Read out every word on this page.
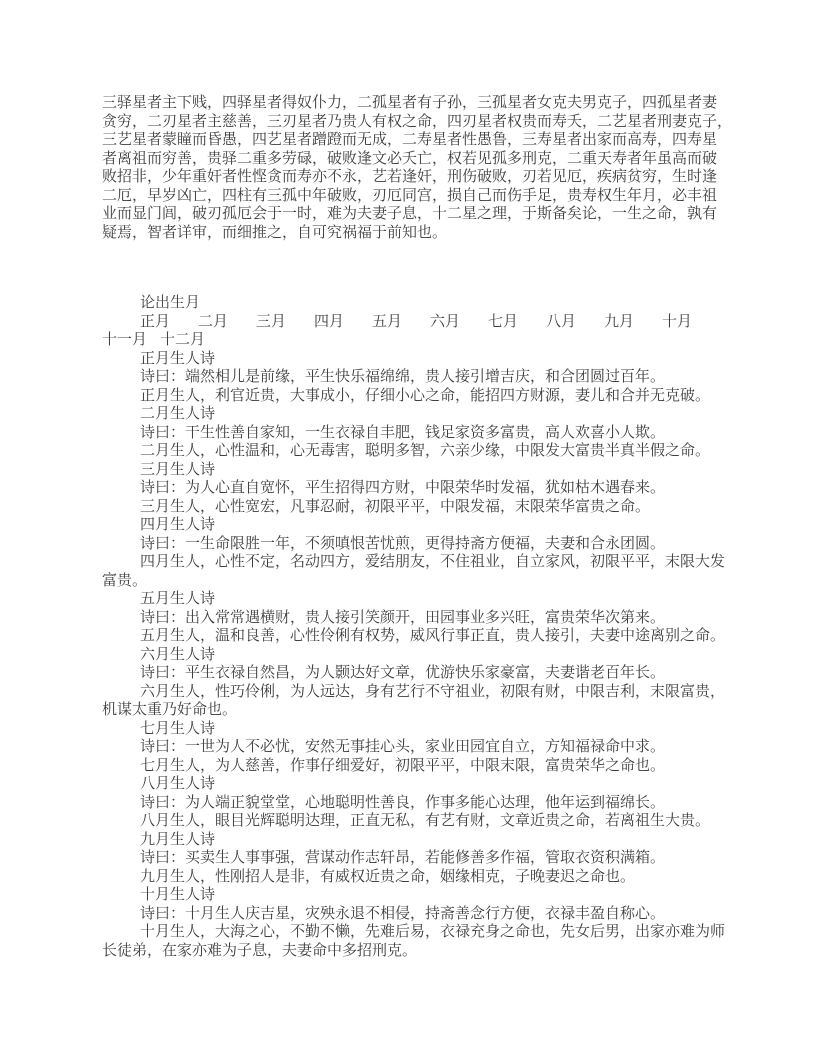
三驿星者主下贱，四驿星者得奴仆力，二孤星者有子孙，三孤星者女克夫男克子，四孤星者妻
贪穷，二刃星者主慈善，三刃星者乃贵人有权之命，四刃星者权贵而寿夭，二艺星者刑妻克子，
三艺星者蒙瞳而昏愚，四艺星者蹭蹬而无成，二寿星者性愚鲁，三寿星者出家而高寿，四寿星
者离祖而穷善，贵驿二重多劳碌，破败逢文必夭亡，权若见孤多刑克，二重天寿者年虽高而破
败招非，少年重奸者性悭贪而寿亦不永，艺若逢奸，刑伤破败，刃若见厄，疾病贫穷，生时逢
二厄，早岁凶亡，四柱有三孤中年破败，刃厄同宫，损自己而伤手足，贵寿权生年月，必丰祖
业而显门闾，破刃孤厄会于一时，难为夫妻子息，十二星之理，于斯备矣论，一生之命，孰有
疑焉，智者详审，而细推之，自可究祸福于前知也。
论出生月
正月 二月 三月 四月 五月 六月 七月 八月 九月 十月
十一月 十二月
正月生人诗
诗曰：端然相儿是前缘，平生快乐福绵绵，贵人接引增吉庆，和合团圆过百年。
正月生人，利官近贵，大事成小，仔细小心之命，能招四方财源，妻儿和合并无克破。
二月生人诗
诗曰：干生性善自家知，一生衣禄自丰肥，钱足家资多富贵，高人欢喜小人欺。
二月生人，心性温和，心无毒害，聪明多智，六亲少缘，中限发大富贵半真半假之命。
三月生人诗
诗曰：为人心直自宽怀，平生招得四方财，中限荣华时发福，犹如枯木遇春来。
三月生人，心性宽宏，凡事忍耐，初限平平，中限发福，末限荣华富贵之命。
四月生人诗
诗曰：一生命限胜一年，不须嗔恨苦忧煎，更得持斋方便福，夫妻和合永团圆。
四月生人，心性不定，名动四方，爱结朋友，不住祖业，自立家风，初限平平，末限大发
富贵。
五月生人诗
诗曰：出入常常遇横财，贵人接引笑颜开，田园事业多兴旺，富贵荣华次第来。
五月生人，温和良善，心性伶俐有权势，威风行事正直，贵人接引，夫妻中途离别之命。
六月生人诗
诗曰：平生衣禄自然昌，为人颢达好文章，优游快乐家豪富，夫妻谐老百年长。
六月生人，性巧伶俐，为人远达，身有艺行不守祖业，初限有财，中限吉利，末限富贵，
机谋太重乃好命也。
七月生人诗
诗曰：一世为人不必忧，安然无事挂心头，家业田园宜自立，方知福禄命中求。
七月生人，为人慈善，作事仔细爱好，初限平平，中限末限，富贵荣华之命也。
八月生人诗
诗曰：为人端正貌堂堂，心地聪明性善良，作事多能心达理，他年运到福绵长。
八月生人，眼目光辉聪明达理，正直无私，有艺有财，文章近贵之命，若离祖生大贵。
九月生人诗
诗曰：买卖生人事事强，营谋动作志轩昂，若能修善多作福，管取衣资积满箱。
九月生人，性刚招人是非，有威权近贵之命，姻缘相克，子晚妻迟之命也。
十月生人诗
诗曰：十月生人庆吉星，灾殃永退不相侵，持斋善念行方便，衣禄丰盈自称心。
十月生人，大海之心，不勤不懒，先难后易，衣禄充身之命也，先女后男，出家亦难为师
长徒弟，在家亦难为子息，夫妻命中多招刑克。
